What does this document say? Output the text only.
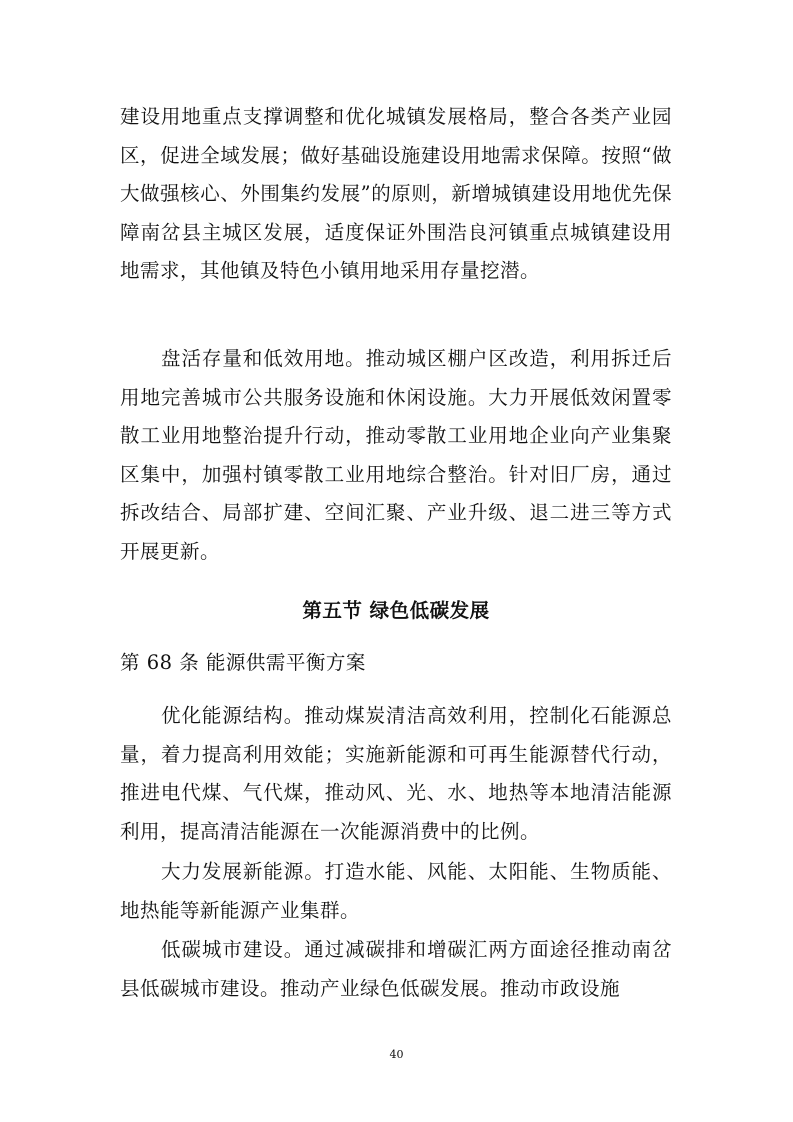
建设用地重点支撑调整和优化城镇发展格局，整合各类产业园区，促进全域发展；做好基础设施建设用地需求保障。按照“做大做强核心、外围集约发展”的原则，新增城镇建设用地优先保障南岔县主城区发展，适度保证外围浩良河镇重点城镇建设用地需求，其他镇及特色小镇用地采用存量挖潜。

盘活存量和低效用地。推动城区棚户区改造，利用拆迁后用地完善城市公共服务设施和休闲设施。大力开展低效闲置零散工业用地整治提升行动，推动零散工业用地企业向产业集聚区集中，加强村镇零散工业用地综合整治。针对旧厂房，通过拆改结合、局部扩建、空间汇聚、产业升级、退二进三等方式开展更新。

第五节 绿色低碳发展
第 68 条 能源供需平衡方案

优化能源结构。推动煤炭清洁高效利用，控制化石能源总量，着力提高利用效能；实施新能源和可再生能源替代行动，推进电代煤、气代煤，推动风、光、水、地热等本地清洁能源利用，提高清洁能源在一次能源消费中的比例。

大力发展新能源。打造水能、风能、太阳能、生物质能、地热能等新能源产业集群。

低碳城市建设。通过减碳排和增碳汇两方面途径推动南岔县低碳城市建设。推动产业绿色低碳发展。推动市政设施

40
